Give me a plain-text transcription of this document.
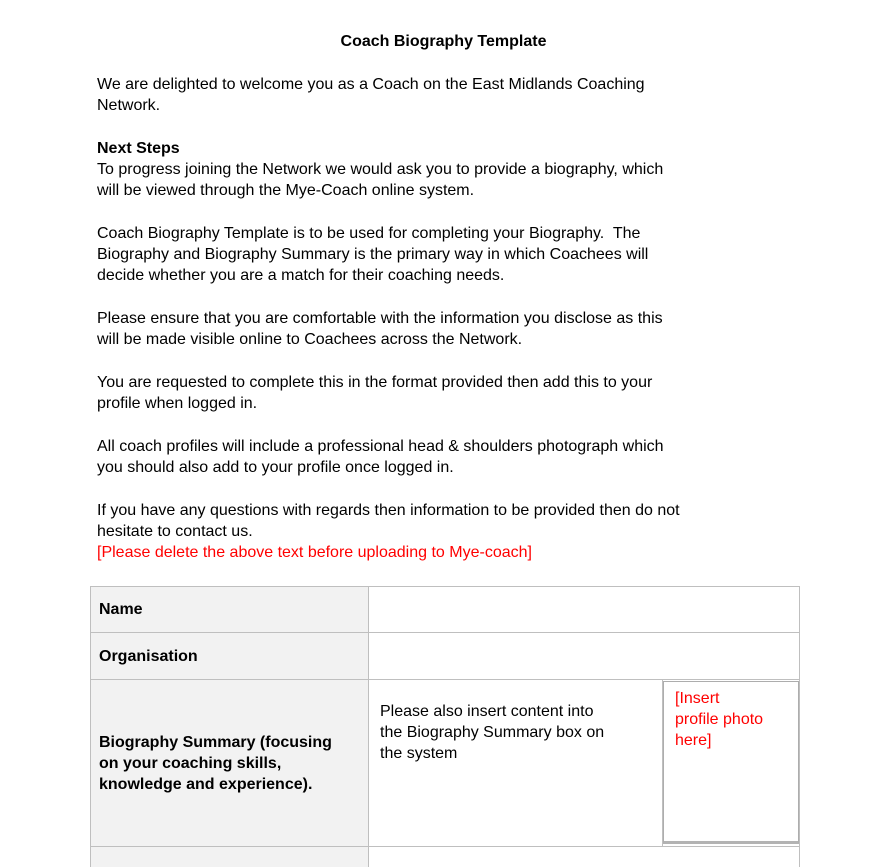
Coach Biography Template
We are delighted to welcome you as a Coach on the East Midlands Coaching
Network.
Next Steps
To progress joining the Network we would ask you to provide a biography, which
will be viewed through the Mye-Coach online system.
Coach Biography Template is to be used for completing your Biography.  The
Biography and Biography Summary is the primary way in which Coachees will
decide whether you are a match for their coaching needs.
Please ensure that you are comfortable with the information you disclose as this
will be made visible online to Coachees across the Network.
You are requested to complete this in the format provided then add this to your
profile when logged in.
All coach profiles will include a professional head & shoulders photograph which
you should also add to your profile once logged in.
If you have any questions with regards then information to be provided then do not
hesitate to contact us.
[Please delete the above text before uploading to Mye-coach]
Name
Organisation
Biography Summary (focusing
on your coaching skills,
knowledge and experience).
Please also insert content into
the Biography Summary box on
the system
[Insert
profile photo
here]
